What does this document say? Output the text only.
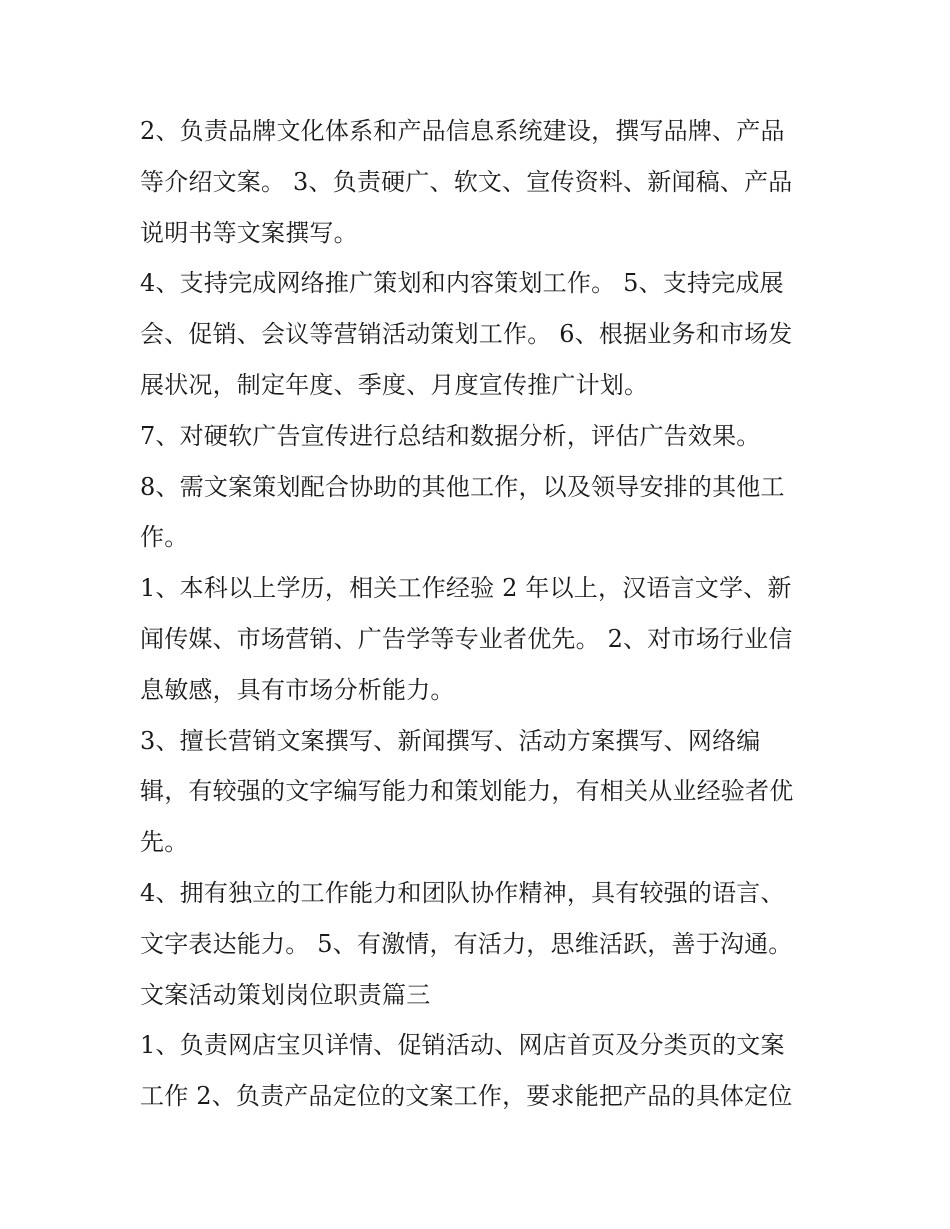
2、负责品牌文化体系和产品信息系统建设，撰写品牌、产品
等介绍文案。 3、负责硬广、软文、宣传资料、新闻稿、产品
说明书等文案撰写。
4、支持完成网络推广策划和内容策划工作。 5、支持完成展
会、促销、会议等营销活动策划工作。 6、根据业务和市场发
展状况，制定年度、季度、月度宣传推广计划。
7、对硬软广告宣传进行总结和数据分析，评估广告效果。
8、需文案策划配合协助的其他工作，以及领导安排的其他工
作。
1、本科以上学历，相关工作经验 2 年以上，汉语言文学、新
闻传媒、市场营销、广告学等专业者优先。 2、对市场行业信
息敏感，具有市场分析能力。
3、擅长营销文案撰写、新闻撰写、活动方案撰写、网络编
辑，有较强的文字编写能力和策划能力，有相关从业经验者优
先。
4、拥有独立的工作能力和团队协作精神，具有较强的语言、
文字表达能力。 5、有激情，有活力，思维活跃，善于沟通。
文案活动策划岗位职责篇三
1、负责网店宝贝详情、促销活动、网店首页及分类页的文案
工作 2、负责产品定位的文案工作，要求能把产品的具体定位
